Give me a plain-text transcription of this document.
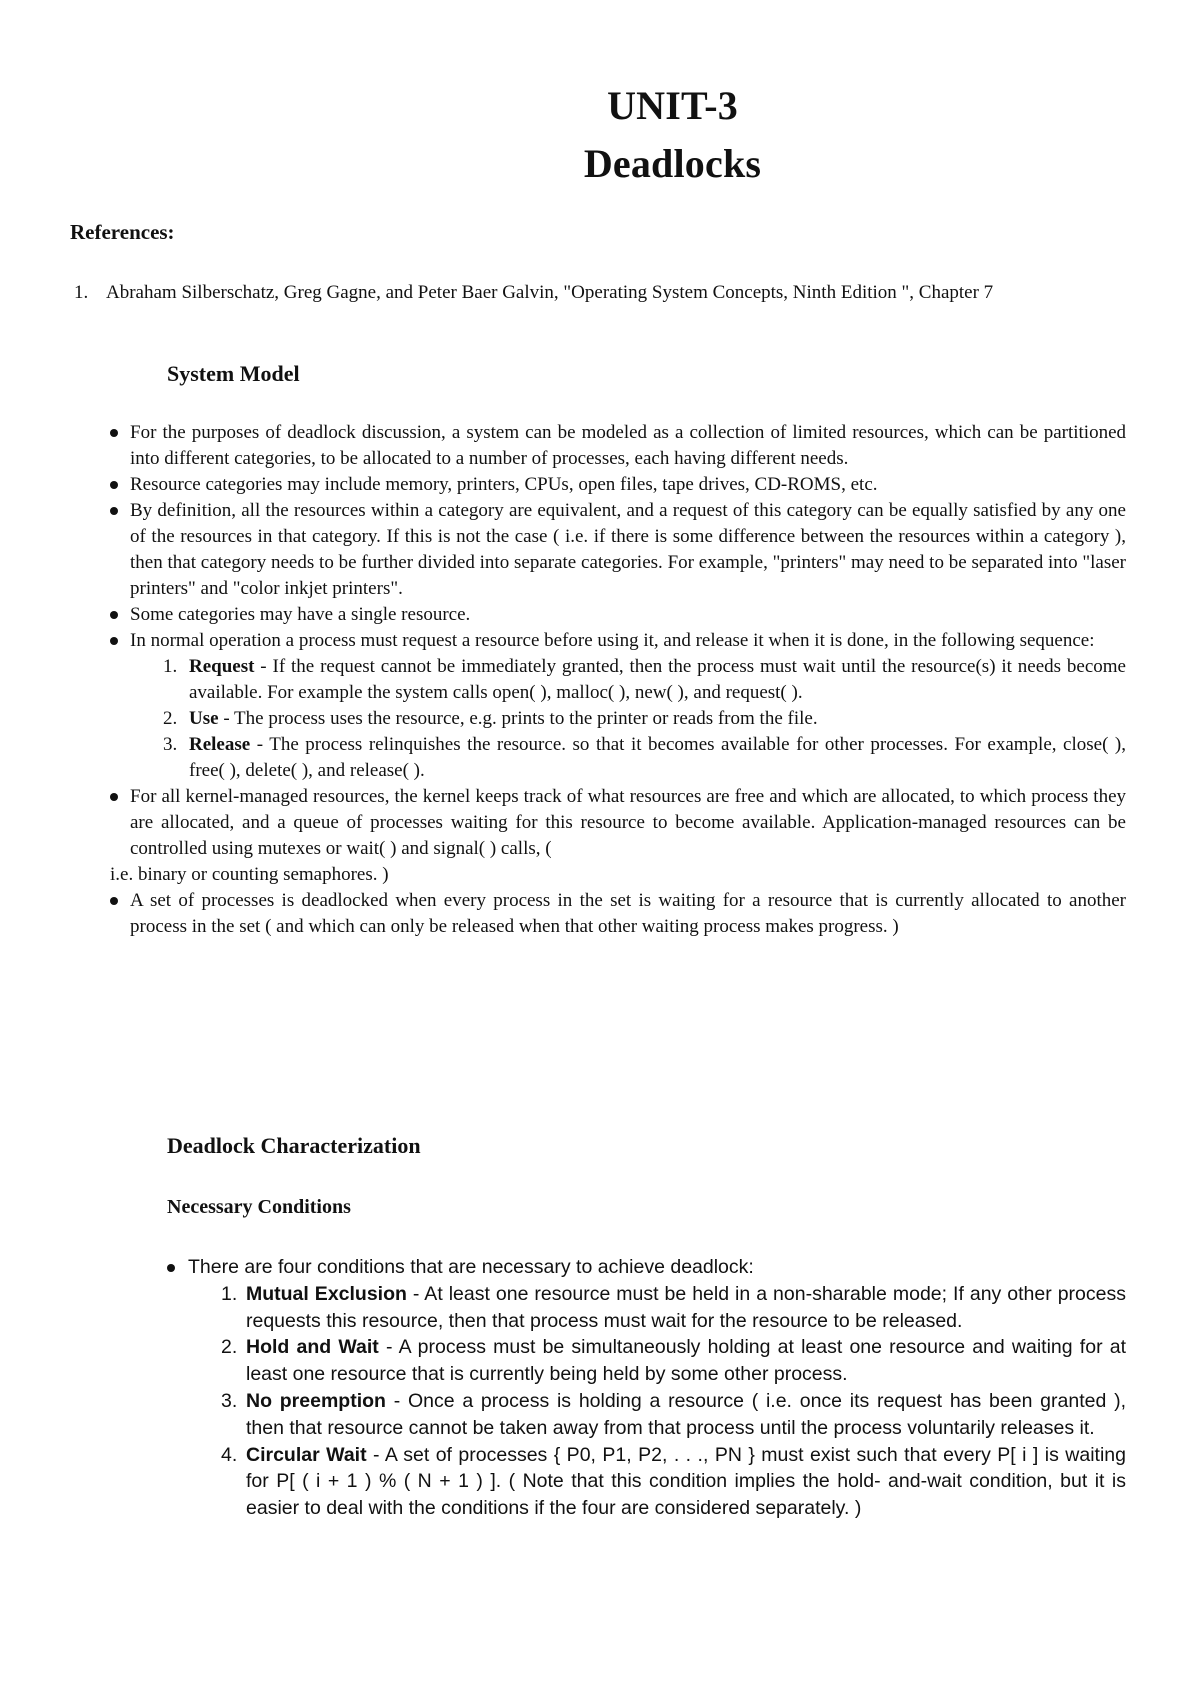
UNIT-3
Deadlocks
References:
1. Abraham Silberschatz, Greg Gagne, and Peter Baer Galvin, "Operating System Concepts, Ninth Edition ", Chapter 7
System Model
For the purposes of deadlock discussion, a system can be modeled as a collection of limited resources, which can be partitioned into different categories, to be allocated to a number of processes, each having different needs.
Resource categories may include memory, printers, CPUs, open files, tape drives, CD-ROMS, etc.
By definition, all the resources within a category are equivalent, and a request of this category can be equally satisfied by any one of the resources in that category. If this is not the case ( i.e. if there is some difference between the resources within a category ), then that category needs to be further divided into separate categories. For example, "printers" may need to be separated into "laser printers" and "color inkjet printers".
Some categories may have a single resource.
In normal operation a process must request a resource before using it, and release it when it is done, in the following sequence:
1. Request - If the request cannot be immediately granted, then the process must wait until the resource(s) it needs become available. For example the system calls open( ), malloc( ), new( ), and request( ).
2. Use - The process uses the resource, e.g. prints to the printer or reads from the file.
3. Release - The process relinquishes the resource. so that it becomes available for other processes. For example, close( ), free( ), delete( ), and release( ).
For all kernel-managed resources, the kernel keeps track of what resources are free and which are allocated, to which process they are allocated, and a queue of processes waiting for this resource to become available. Application-managed resources can be controlled using mutexes or wait( ) and signal( ) calls, (
i.e. binary or counting semaphores. )
A set of processes is deadlocked when every process in the set is waiting for a resource that is currently allocated to another process in the set ( and which can only be released when that other waiting process makes progress. )
Deadlock Characterization
Necessary Conditions
There are four conditions that are necessary to achieve deadlock:
1. Mutual Exclusion - At least one resource must be held in a non-sharable mode; If any other process requests this resource, then that process must wait for the resource to be released.
2. Hold and Wait - A process must be simultaneously holding at least one resource and waiting for at least one resource that is currently being held by some other process.
3. No preemption - Once a process is holding a resource ( i.e. once its request has been granted ), then that resource cannot be taken away from that process until the process voluntarily releases it.
4. Circular Wait - A set of processes { P0, P1, P2, . . ., PN } must exist such that every P[ i ] is waiting for P[ ( i + 1 ) % ( N + 1 ) ]. ( Note that this condition implies the hold- and-wait condition, but it is easier to deal with the conditions if the four are considered separately. )
